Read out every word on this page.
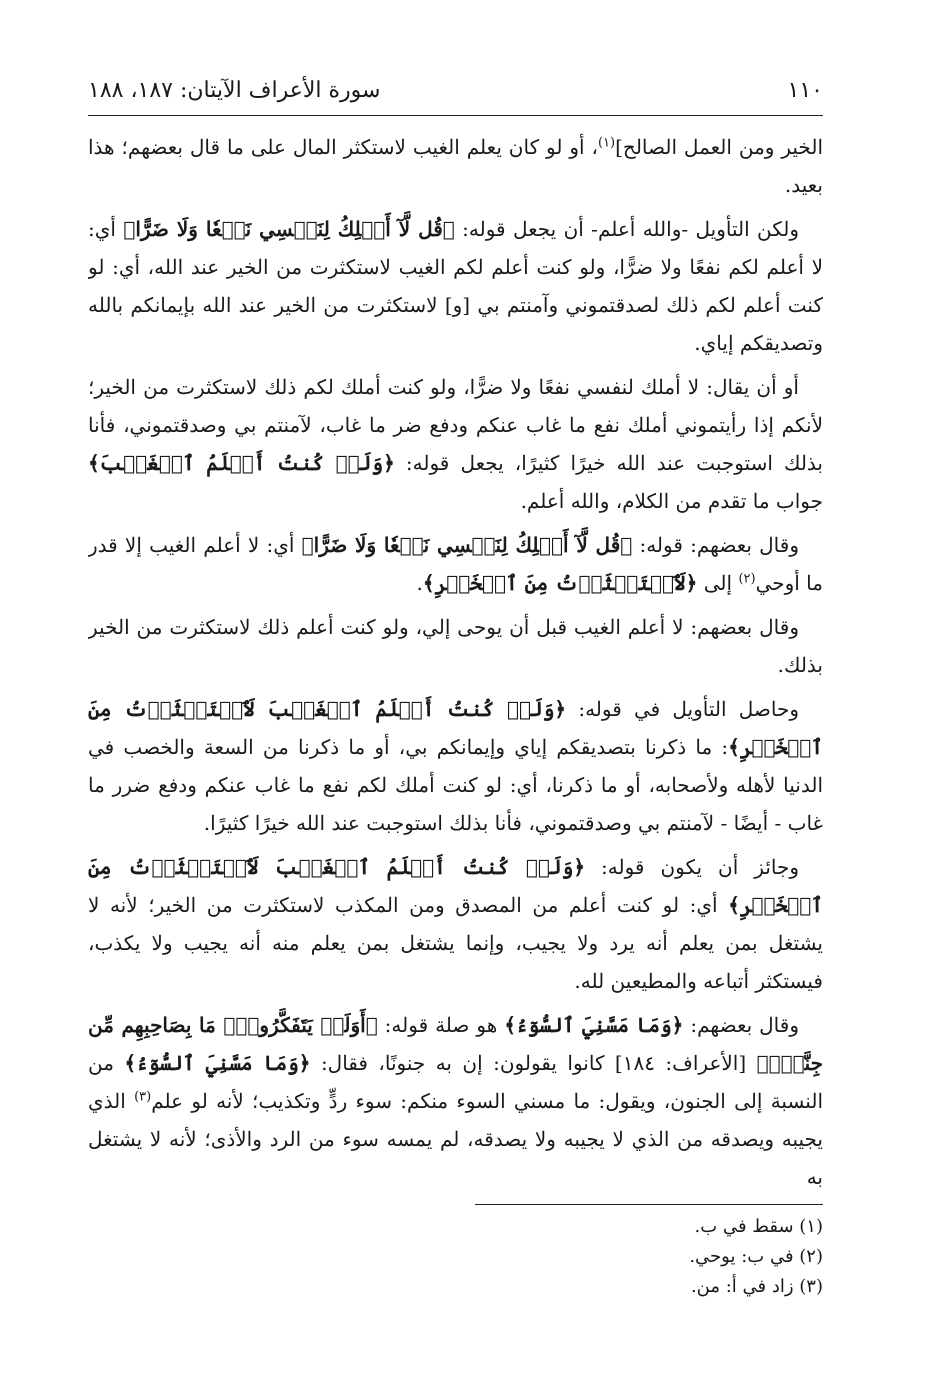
١١٠
سورة الأعراف الآيتان: ١٨٧، ١٨٨

الخير ومن العمل الصالح]$^{(١)}$، أو لو كان يعلم الغيب لاستكثر المال على ما قال بعضهم؛ هذا بعيد.

ولكن التأويل -والله أعلم- أن يجعل قوله: ﴿قُل لَّآ أَمۡلِكُ لِنَفۡسِي نَفۡعٗا وَلَا ضَرًّا﴾ أي: لا أعلم لكم نفعًا ولا ضرًّا، ولو كنت أعلم لكم الغيب لاستكثرت من الخير عند الله، أي: لو كنت أعلم لكم ذلك لصدقتموني وآمنتم بي [و] لاستكثرت من الخير عند الله بإيمانكم بالله وتصديقكم إياي.

أو أن يقال: لا أملك لنفسي نفعًا ولا ضرًّا، ولو كنت أملك لكم ذلك لاستكثرت من الخير؛ لأنكم إذا رأيتموني أملك نفع ما غاب عنكم ودفع ضر ما غاب، لآمنتم بي وصدقتموني، فأنا بذلك استوجبت عند الله خيرًا كثيرًا، يجعل قوله: ﴿وَلَوۡ كُنتُ أَعۡلَمُ ٱلۡغَيۡبَ﴾ جواب ما تقدم من الكلام، والله أعلم.

وقال بعضهم: قوله: ﴿قُل لَّآ أَمۡلِكُ لِنَفۡسِي نَفۡعٗا وَلَا ضَرًّا﴾ أي: لا أعلم الغيب إلا قدر ما أوحي$^{(٢)}$ إلى ﴿لَٱسۡتَكۡثَرۡتُ مِنَ ٱلۡخَيۡرِ﴾.

وقال بعضهم: لا أعلم الغيب قبل أن يوحى إلي، ولو كنت أعلم ذلك لاستكثرت من الخير بذلك.

وحاصل التأويل في قوله: ﴿وَلَوۡ كُنتُ أَعۡلَمُ ٱلۡغَيۡبَ لَٱسۡتَكۡثَرۡتُ مِنَ ٱلۡخَيۡرِ﴾: ما ذكرنا بتصديقكم إياي وإيمانكم بي، أو ما ذكرنا من السعة والخصب في الدنيا لأهله ولأصحابه، أو ما ذكرنا، أي: لو كنت أملك لكم نفع ما غاب عنكم ودفع ضرر ما غاب - أيضًا - لآمنتم بي وصدقتموني، فأنا بذلك استوجبت عند الله خيرًا كثيرًا.

وجائز أن يكون قوله: ﴿وَلَوۡ كُنتُ أَعۡلَمُ ٱلۡغَيۡبَ لَٱسۡتَكۡثَرۡتُ مِنَ ٱلۡخَيۡرِ﴾ أي: لو كنت أعلم من المصدق ومن المكذب لاستكثرت من الخير؛ لأنه لا يشتغل بمن يعلم أنه يرد ولا يجيب، وإنما يشتغل بمن يعلم منه أنه يجيب ولا يكذب، فيستكثر أتباعه والمطيعين لله.

وقال بعضهم: ﴿وَمَا مَسَّنِيَ ٱلسُّوٓءُ﴾ هو صلة قوله: ﴿أَوَلَمۡ يَتَفَكَّرُواْۗ مَا بِصَاحِبِهِم مِّن جِنَّةٍۚ﴾ [الأعراف: ١٨٤] كانوا يقولون: إن به جنونًا، فقال: ﴿وَمَا مَسَّنِيَ ٱلسُّوٓءُ﴾ من النسبة إلى الجنون، ويقول: ما مسني السوء منكم: سوء ردٍّ وتكذيب؛ لأنه لو علم$^{(٣)}$ الذي يجيبه ويصدقه من الذي لا يجيبه ولا يصدقه، لم يمسه سوء من الرد والأذى؛ لأنه لا يشتغل به

(١) سقط في ب.
(٢) في ب: يوحي.
(٣) زاد في أ: من.
